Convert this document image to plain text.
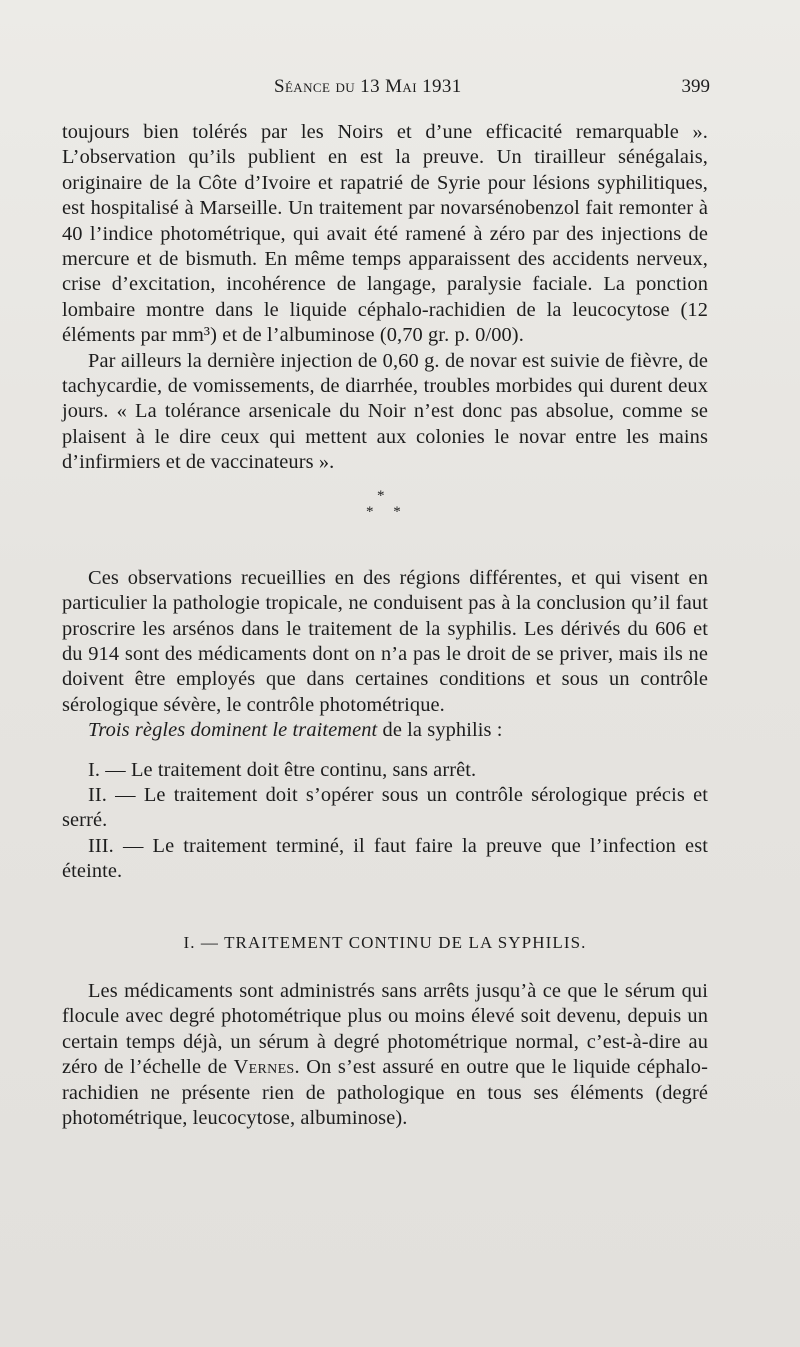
Séance du 13 Mai 1931	399

toujours bien tolérés par les Noirs et d’une efficacité remarquable ». L’observation qu’ils publient en est la preuve. Un tirailleur sénégalais, originaire de la Côte d’Ivoire et rapatrié de Syrie pour lésions syphilitiques, est hospitalisé à Marseille. Un traitement par novarsénobenzol fait remonter à 40 l’indice photométrique, qui avait été ramené à zéro par des injections de mercure et de bismuth. En même temps apparaissent des accidents nerveux, crise d’excitation, incohérence de langage, paralysie faciale. La ponction lombaire montre dans le liquide céphalo-rachidien de la leucocytose (12 éléments par mm³) et de l’albuminose (0,70 gr. p. 0/00).

Par ailleurs la dernière injection de 0,60 g. de novar est suivie de fièvre, de tachycardie, de vomissements, de diarrhée, troubles morbides qui durent deux jours. « La tolérance arsenicale du Noir n’est donc pas absolue, comme se plaisent à le dire ceux qui mettent aux colonies le novar entre les mains d’infirmiers et de vaccinateurs ».

*
* *

Ces observations recueillies en des régions différentes, et qui visent en particulier la pathologie tropicale, ne conduisent pas à la conclusion qu’il faut proscrire les arsénos dans le traitement de la syphilis. Les dérivés du 606 et du 914 sont des médicaments dont on n’a pas le droit de se priver, mais ils ne doivent être employés que dans certaines conditions et sous un contrôle sérologique sévère, le contrôle photométrique.

Trois règles dominent le traitement de la syphilis :

I. — Le traitement doit être continu, sans arrêt.

II. — Le traitement doit s’opérer sous un contrôle sérologique précis et serré.

III. — Le traitement terminé, il faut faire la preuve que l’infection est éteinte.

I. — TRAITEMENT CONTINU DE LA SYPHILIS.

Les médicaments sont administrés sans arrêts jusqu’à ce que le sérum qui flocule avec degré photométrique plus ou moins élevé soit devenu, depuis un certain temps déjà, un sérum à degré photométrique normal, c’est-à-dire au zéro de l’échelle de Vernes. On s’est assuré en outre que le liquide céphalo-rachidien ne présente rien de pathologique en tous ses éléments (degré photométrique, leucocytose, albuminose).
